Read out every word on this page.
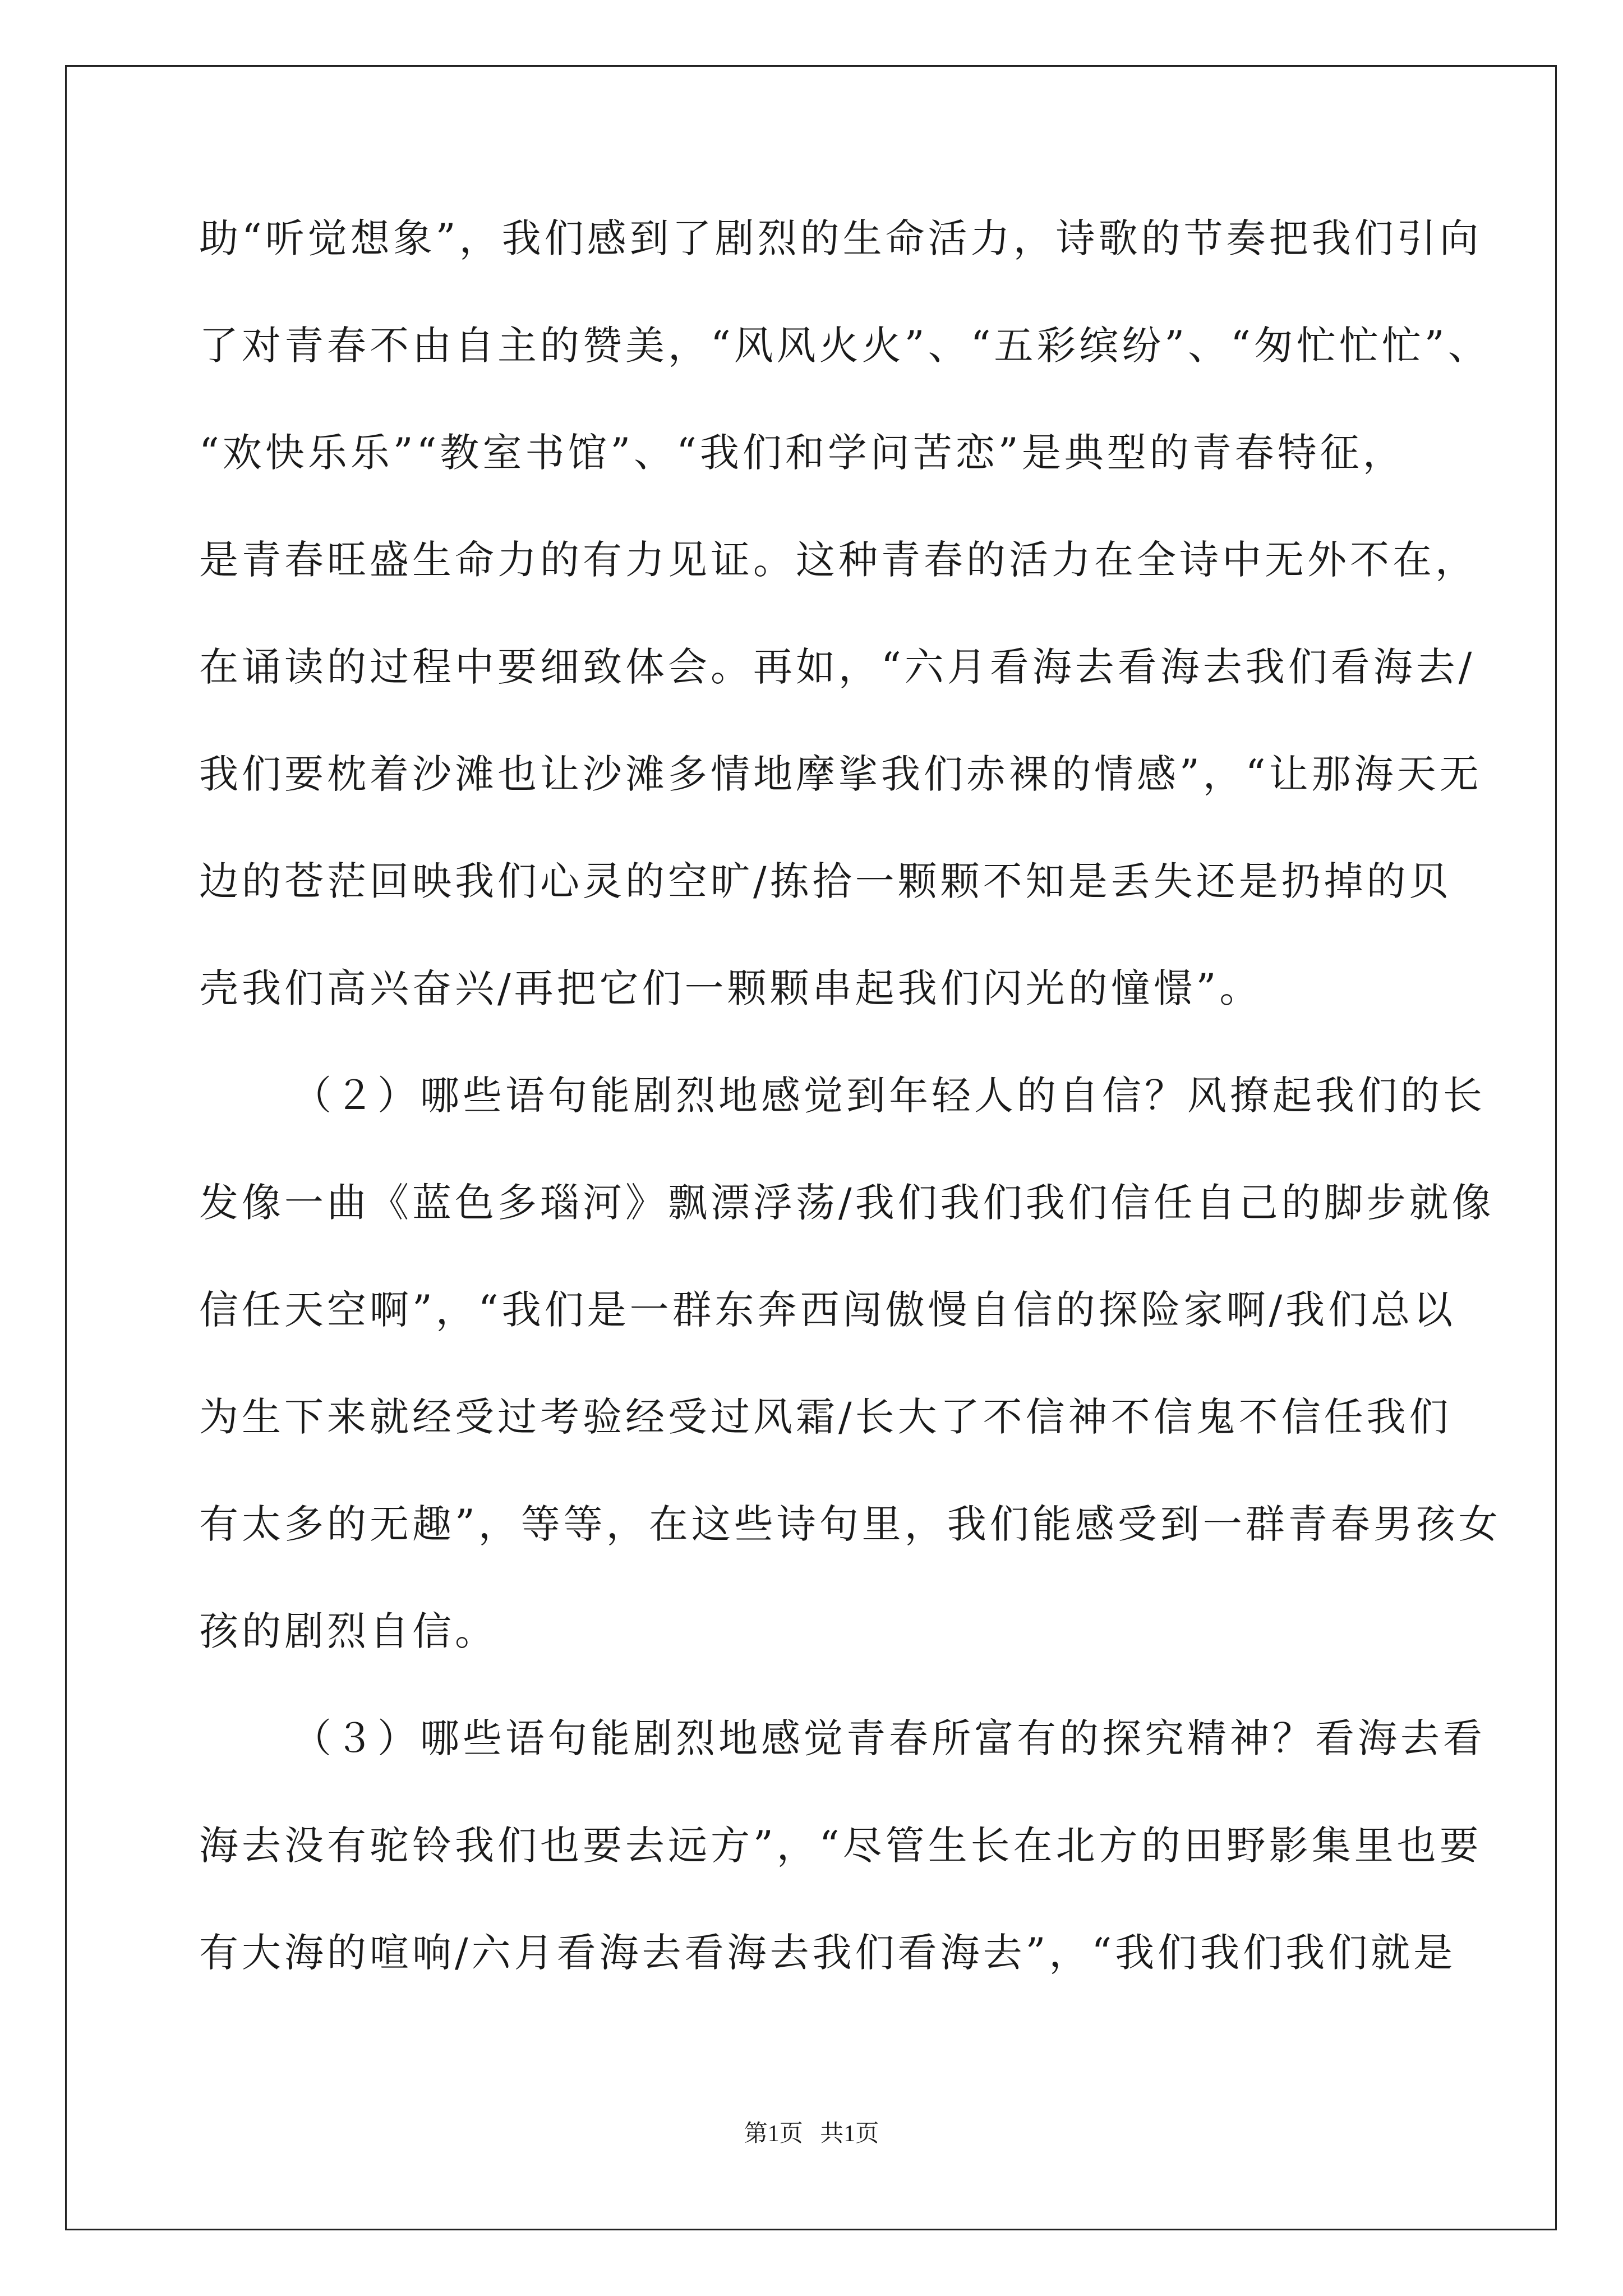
助“听觉想象”，我们感到了剧烈的生命活力，诗歌的节奏把我们引向
了对青春不由自主的赞美，“风风火火”、“五彩缤纷”、“匆忙忙忙”、
“欢快乐乐”“教室书馆”、“我们和学问苦恋”是典型的青春特征，
是青春旺盛生命力的有力见证。这种青春的活力在全诗中无外不在，
在诵读的过程中要细致体会。再如，“六月看海去看海去我们看海去/
我们要枕着沙滩也让沙滩多情地摩挲我们赤裸的情感”，“让那海天无
边的苍茫回映我们心灵的空旷/拣拾一颗颗不知是丢失还是扔掉的贝
壳我们高兴奋兴/再把它们一颗颗串起我们闪光的憧憬”。
（２）哪些语句能剧烈地感觉到年轻人的自信？风撩起我们的长
发像一曲《蓝色多瑙河》飘漂浮荡/我们我们我们信任自己的脚步就像
信任天空啊”，“我们是一群东奔西闯傲慢自信的探险家啊/我们总以
为生下来就经受过考验经受过风霜/长大了不信神不信鬼不信任我们
有太多的无趣”，等等，在这些诗句里，我们能感受到一群青春男孩女
孩的剧烈自信。
（３）哪些语句能剧烈地感觉青春所富有的探究精神？看海去看
海去没有驼铃我们也要去远方”，“尽管生长在北方的田野影集里也要
有大海的喧响/六月看海去看海去我们看海去”，“我们我们我们就是
第1页 共1页
